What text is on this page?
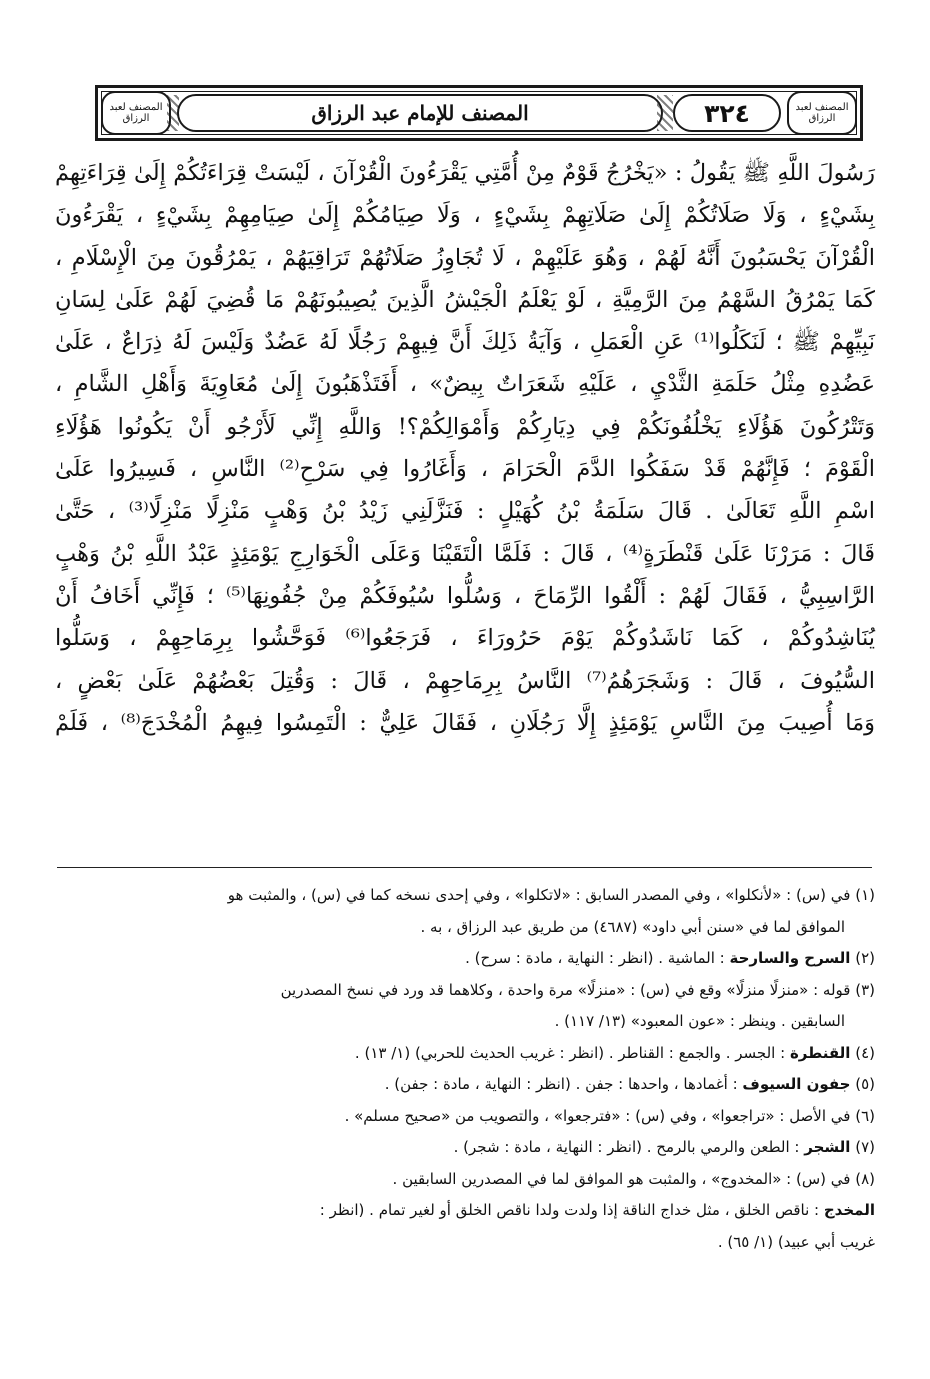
المصنف لعبد الرزاق
٣٢٤
المصنف للإمام عبد الرزاق
المصنف لعبد الرزاق
رَسُولَ اللَّهِ ﷺ يَقُولُ : «يَخْرُجُ قَوْمٌ مِنْ أُمَّتِي يَقْرَءُونَ الْقُرْآنَ ، لَيْسَتْ قِرَاءَتُكُمْ إِلَىٰ قِرَاءَتِهِمْ
بِشَيْءٍ ، وَلَا صَلَاتُكُمْ إِلَىٰ صَلَاتِهِمْ بِشَيْءٍ ، وَلَا صِيَامُكُمْ إِلَىٰ صِيَامِهِمْ بِشَيْءٍ ، يَقْرَءُونَ
الْقُرْآنَ يَحْسَبُونَ أَنَّهُ لَهُمْ ، وَهُوَ عَلَيْهِمْ ، لَا تُجَاوِزُ صَلَاتُهُمْ تَرَاقِيَهُمْ ، يَمْرُقُونَ مِنَ الْإِسْلَامِ ،
كَمَا يَمْرُقُ السَّهْمُ مِنَ الرَّمِيَّةِ ، لَوْ يَعْلَمُ الْجَيْشُ الَّذِينَ يُصِيبُونَهُمْ مَا قُضِيَ لَهُمْ عَلَىٰ لِسَانِ
نَبِيِّهِمْ ﷺ ؛ لَنَكَلُوا⁽¹⁾ عَنِ الْعَمَلِ ، وَآيَةُ ذَلِكَ أَنَّ فِيهِمْ رَجُلًا لَهُ عَضُدٌ وَلَيْسَ لَهُ ذِرَاعٌ ، عَلَىٰ
عَضُدِهِ مِثْلُ حَلَمَةِ الثَّدْيِ ، عَلَيْهِ شَعَرَاتٌ بِيضٌ» ، أَفَتَذْهَبُونَ إِلَىٰ مُعَاوِيَةَ وَأَهْلِ الشَّامِ ،
وَتَتْرُكُونَ هَؤُلَاءِ يَخْلُفُونَكُمْ فِي دِيَارِكُمْ وَأَمْوَالِكُمْ؟! وَاللَّهِ إِنِّي لَأَرْجُو أَنْ يَكُونُوا هَؤُلَاءِ
الْقَوْمَ ؛ فَإِنَّهُمْ قَدْ سَفَكُوا الدَّمَ الْحَرَامَ ، وَأَغَارُوا فِي سَرْحِ⁽²⁾ النَّاسِ ، فَسِيرُوا عَلَىٰ
اسْمِ اللَّهِ تَعَالَىٰ . قَالَ سَلَمَةُ بْنُ كُهَيْلٍ : فَنَزَّلَنِي زَيْدُ بْنُ وَهْبٍ مَنْزِلًا مَنْزِلًا⁽³⁾ ، حَتَّىٰ
قَالَ : مَرَرْنَا عَلَىٰ قَنْطَرَةٍ⁽⁴⁾ ، قَالَ : فَلَمَّا الْتَقَيْنَا وَعَلَى الْخَوَارِجِ يَوْمَئِذٍ عَبْدُ اللَّهِ بْنُ وَهْبٍ
الرَّاسِبِيُّ ، فَقَالَ لَهُمْ : أَلْقُوا الرِّمَاحَ ، وَسُلُّوا سُيُوفَكُمْ مِنْ جُفُونِهَا⁽⁵⁾ ؛ فَإِنِّي أَخَافُ أَنْ
يُنَاشِدُوكُمْ ، كَمَا نَاشَدُوكُمْ يَوْمَ حَرُورَاءَ ، فَرَجَعُوا⁽⁶⁾ فَوَحَّشُوا بِرِمَاحِهِمْ ، وَسَلُّوا
السُّيُوفَ ، قَالَ : وَشَجَرَهُمُ⁽⁷⁾ النَّاسُ بِرِمَاحِهِمْ ، قَالَ : وَقُتِلَ بَعْضُهُمْ عَلَىٰ بَعْضٍ ،
وَمَا أُصِيبَ مِنَ النَّاسِ يَوْمَئِذٍ إِلَّا رَجُلَانِ ، فَقَالَ عَلِيٌّ : الْتَمِسُوا فِيهِمُ الْمُخْدَجَ⁽⁸⁾ ، فَلَمْ
(١) في (س) : «لأنكلوا» ، وفي المصدر السابق : «لاتكلوا» ، وفي إحدى نسخه كما في (س) ، والمثبت هو
الموافق لما في «سنن أبي داود» (٤٦٨٧) من طريق عبد الرزاق ، به .
(٢) السرح والسارحة : الماشية . (انظر : النهاية ، مادة : سرح) .
(٣) قوله : «منزلًا منزلًا» وقع في (س) : «منزلًا» مرة واحدة ، وكلاهما قد ورد في نسخ المصدرين
السابقين . وينظر : «عون المعبود» (١٣/ ١١٧) .
(٤) القنطرة : الجسر . والجمع : القناطر . (انظر : غريب الحديث للحربي) (١/ ١٣) .
(٥) جفون السيوف : أغمادها ، واحدها : جفن . (انظر : النهاية ، مادة : جفن) .
(٦) في الأصل : «تراجعوا» ، وفي (س) : «فترجعوا» ، والتصويب من «صحيح مسلم» .
(٧) الشجر : الطعن والرمي بالرمح . (انظر : النهاية ، مادة : شجر) .
(٨) في (س) : «المخدوج» ، والمثبت هو الموافق لما في المصدرين السابقين .
المخدج : ناقص الخلق ، مثل خداج الناقة إذا ولدت ولدا ناقص الخلق أو لغير تمام . (انظر :
غريب أبي عبيد) (١/ ٦٥) .
